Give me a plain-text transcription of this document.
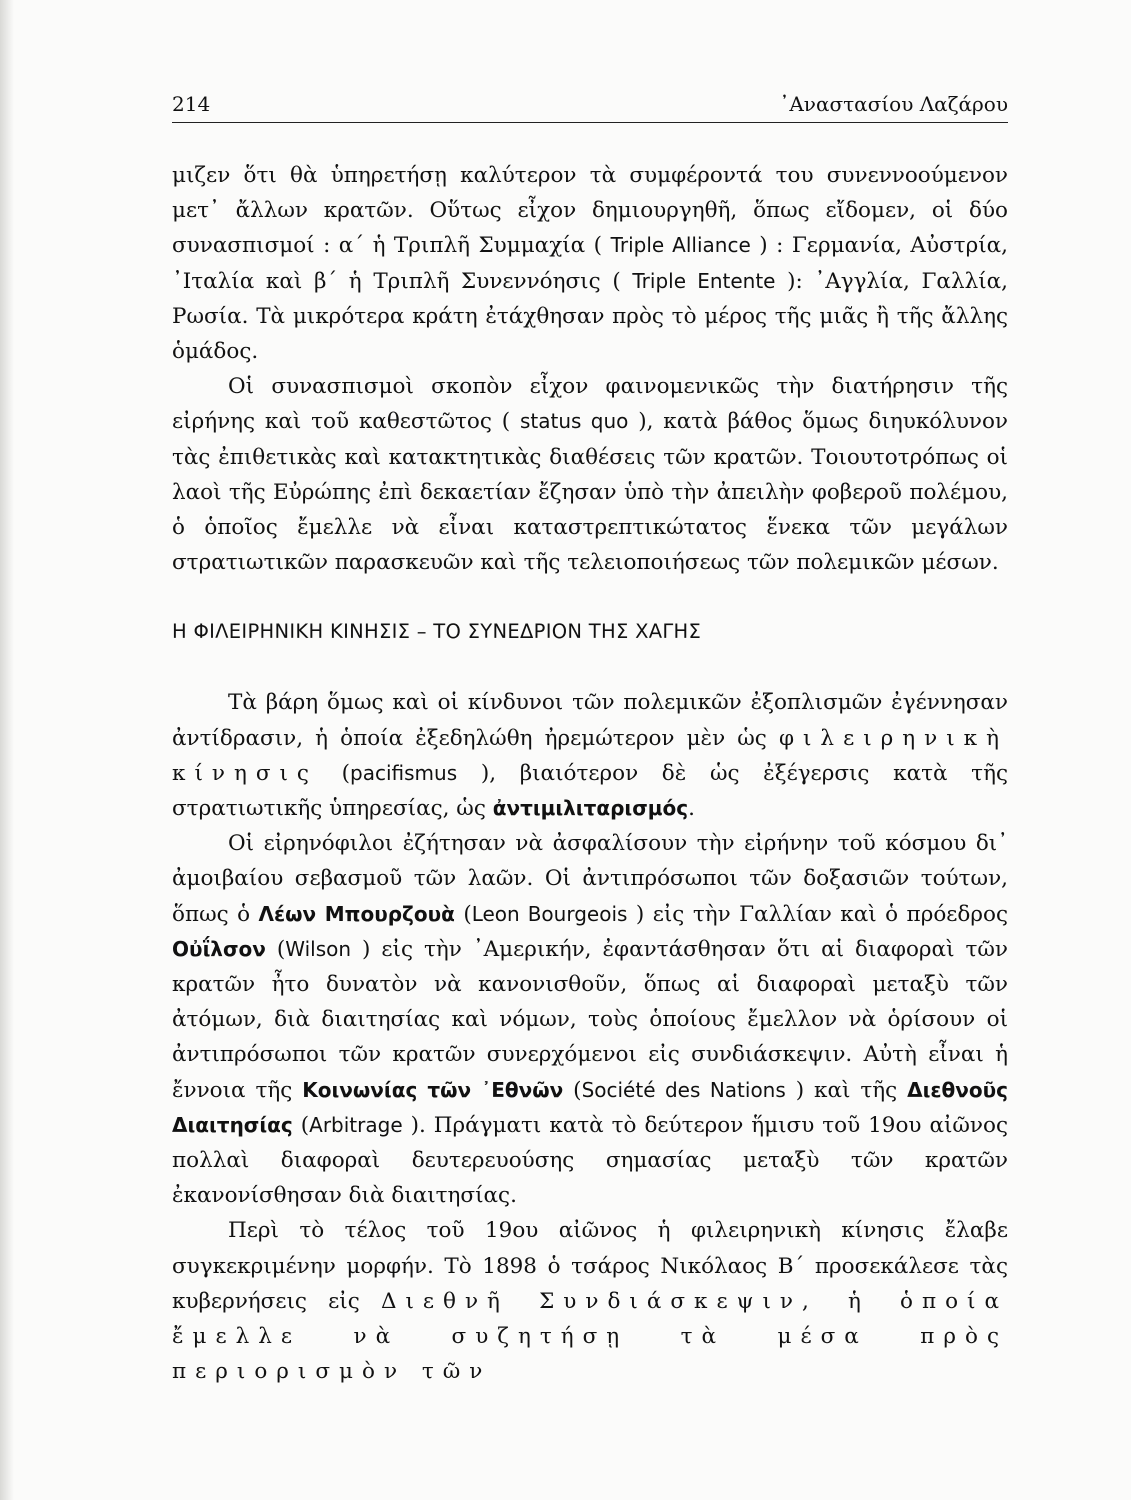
214	᾿Αναστασίου Λαζάρου

μιζεν ὅτι θὰ ὑπηρετήσῃ καλύτερον τὰ συμφέροντά του συνεννοούμενον μετ᾿ ἄλλων κρατῶν. Οὕτως εἶχον δημιουργηθῆ, ὅπως εἴδομεν, οἱ δύο συνασπισμοί : α΄ ἡ Τριπλῆ Συμμαχία ( Triple Alliance ) : Γερμανία, Αὐστρία, ᾿Ιταλία καὶ β΄ ἡ Τριπλῆ Συνεννόησις ( Triple Entente ): ᾿Αγγλία, Γαλλία, Ρωσία. Τὰ μικρότερα κράτη ἐτάχθησαν πρὸς τὸ μέρος τῆς μιᾶς ἢ τῆς ἄλλης ὁμάδος.

Οἱ συνασπισμοὶ σκοπὸν εἶχον φαινομενικῶς τὴν διατήρησιν τῆς εἰρήνης καὶ τοῦ καθεστῶτος ( status quo ), κατὰ βάθος ὅμως διηυκόλυνον τὰς ἐπιθετικὰς καὶ κατακτητικὰς διαθέσεις τῶν κρατῶν. Τοιουτοτρόπως οἱ λαοὶ τῆς Εὐρώπης ἐπὶ δεκαετίαν ἔζησαν ὑπὸ τὴν ἀπειλὴν φοβεροῦ πολέμου, ὁ ὁποῖος ἔμελλε νὰ εἶναι καταστρεπτικώτατος ἕνεκα τῶν μεγάλων στρατιωτικῶν παρασκευῶν καὶ τῆς τελειοποιήσεως τῶν πολεμικῶν μέσων.

Η ΦΙΛΕΙΡΗΝΙΚΗ ΚΙΝΗΣΙΣ – ΤΟ ΣΥΝΕΔΡΙΟΝ ΤΗΣ ΧΑΓΗΣ

Τὰ βάρη ὅμως καὶ οἱ κίνδυνοι τῶν πολεμικῶν ἐξοπλισμῶν ἐγέννησαν ἀντίδρασιν, ἡ ὁποία ἐξεδηλώθη ἠρεμώτερον μὲν ὡς φιλειρηνικὴ κίνησις (pacifismus ), βιαιότερον δὲ ὡς ἐξέγερσις κατὰ τῆς στρατιωτικῆς ὑπηρεσίας, ὡς ἀντιμιλιταρισμός.

Οἱ εἰρηνόφιλοι ἐζήτησαν νὰ ἀσφαλίσουν τὴν εἰρήνην τοῦ κόσμου δι᾿ ἀμοιβαίου σεβασμοῦ τῶν λαῶν. Οἱ ἀντιπρόσωποι τῶν δοξασιῶν τούτων, ὅπως ὁ Λέων Μπουρζουὰ (Leon Bourgeois ) εἰς τὴν Γαλλίαν καὶ ὁ πρόεδρος Οὐΐλσον (Wilson ) εἰς τὴν ᾿Αμερικήν, ἐφαντάσθησαν ὅτι αἱ διαφοραὶ τῶν κρατῶν ἦτο δυνατὸν νὰ κανονισθοῦν, ὅπως αἱ διαφοραὶ μεταξὺ τῶν ἀτόμων, διὰ διαιτησίας καὶ νόμων, τοὺς ὁποίους ἔμελλον νὰ ὁρίσουν οἱ ἀντιπρόσωποι τῶν κρατῶν συνερχόμενοι εἰς συνδιάσκεψιν. Αὐτὴ εἶναι ἡ ἔννοια τῆς Κοινωνίας τῶν ᾿Εθνῶν (Société des Nations ) καὶ τῆς Διεθνοῦς Διαιτησίας (Arbitrage ). Πράγματι κατὰ τὸ δεύτερον ἥμισυ τοῦ 19ου αἰῶνος πολλαὶ διαφοραὶ δευτερευούσης σημασίας μεταξὺ τῶν κρατῶν ἐκανονίσθησαν διὰ διαιτησίας.

Περὶ τὸ τέλος τοῦ 19ου αἰῶνος ἡ φιλειρηνικὴ κίνησις ἔλαβε συγκεκριμένην μορφήν. Τὸ 1898 ὁ τσάρος Νικόλαος Β΄ προσεκάλεσε τὰς κυβερνήσεις εἰς Διεθνῆ Συνδιάσκεψιν, ἡ ὁποία ἔμελλε νὰ συζητήσῃ τὰ μέσα πρὸς περιορισμὸν τῶν
